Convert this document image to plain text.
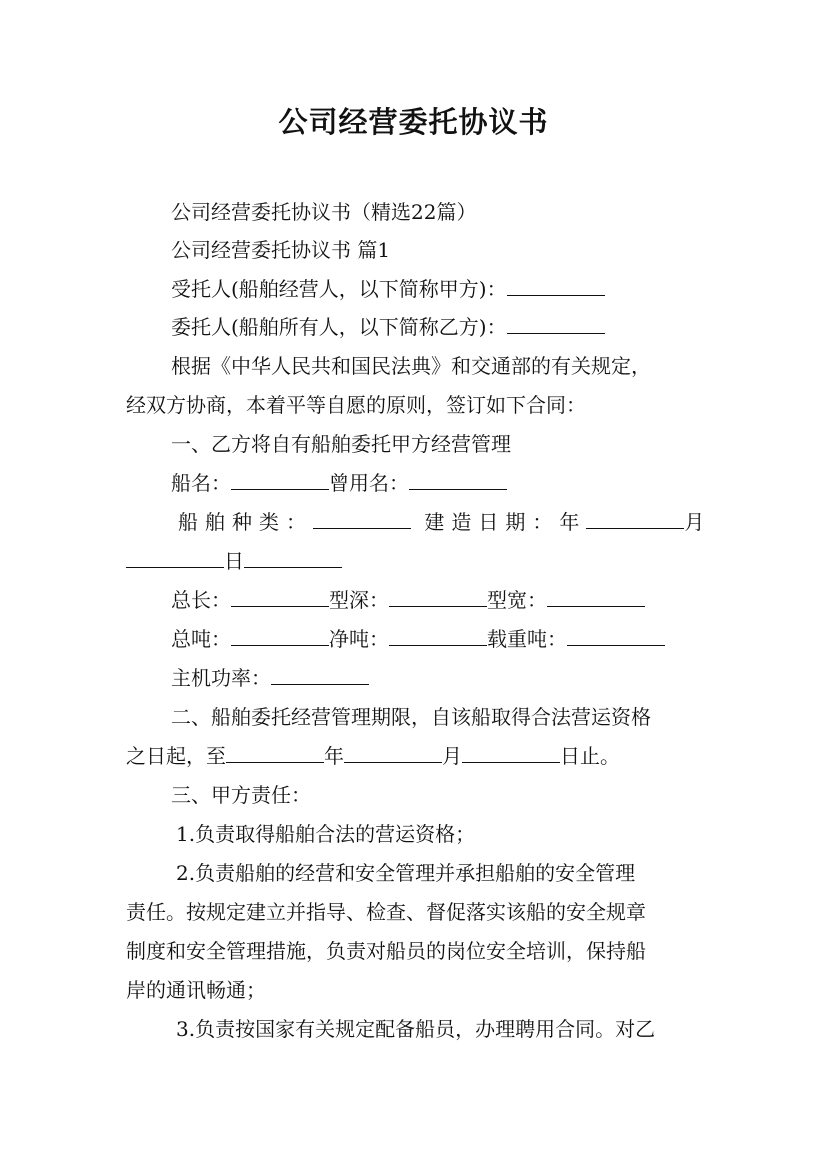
公司经营委托协议书
公司经营委托协议书（精选22篇）
公司经营委托协议书 篇1
受托人(船舶经营人，以下简称甲方)：
委托人(船舶所有人，以下简称乙方)：
根据《中华人民共和国民法典》和交通部的有关规定，
经双方协商，本着平等自愿的原则，签订如下合同：
一、乙方将自有船舶委托甲方经营管理
船名：	曾用名：
船舶种类：	建造日期：年	月
日
总长：	型深：	型宽：
总吨：	净吨：	载重吨：
主机功率：
二、船舶委托经营管理期限，自该船取得合法营运资格
之日起，至	年	月	日止。
三、甲方责任：
1.负责取得船舶合法的营运资格；
2.负责船舶的经营和安全管理并承担船舶的安全管理
责任。按规定建立并指导、检查、督促落实该船的安全规章
制度和安全管理措施，负责对船员的岗位安全培训，保持船
岸的通讯畅通；
3.负责按国家有关规定配备船员，办理聘用合同。对乙
